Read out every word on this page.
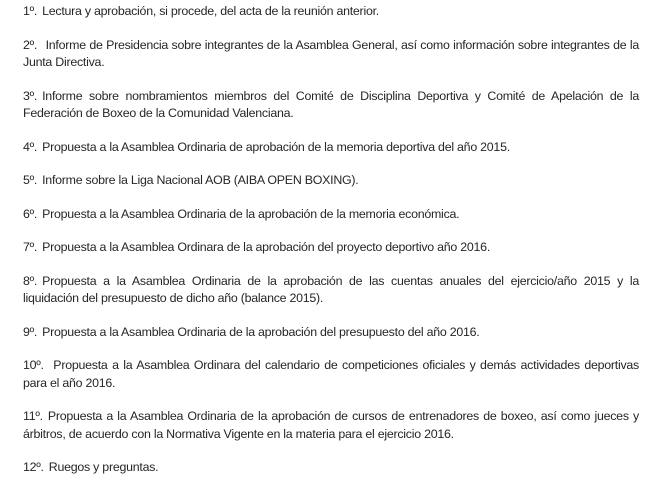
1º. Lectura y aprobación, si procede, del acta de la reunión anterior.

2º. Informe de Presidencia sobre integrantes de la Asamblea General, así como información sobre integrantes de la Junta Directiva.

3º. Informe sobre nombramientos miembros del Comité de Disciplina Deportiva y Comité de Apelación de la Federación de Boxeo de la Comunidad Valenciana.

4º. Propuesta a la Asamblea Ordinaria de aprobación de la memoria deportiva del año 2015.

5º. Informe sobre la Liga Nacional AOB (AIBA OPEN BOXING).

6º. Propuesta a la Asamblea Ordinaria de la aprobación de la memoria económica.

7º. Propuesta a la Asamblea Ordinara de la aprobación del proyecto deportivo año 2016.

8º. Propuesta a la Asamblea Ordinaria de la aprobación de las cuentas anuales del ejercicio/año 2015 y la liquidación del presupuesto de dicho año (balance 2015).

9º. Propuesta a la Asamblea Ordinaria de la aprobación del presupuesto del año 2016.

10º. Propuesta a la Asamblea Ordinara del calendario de competiciones oficiales y demás actividades deportivas para el año 2016.

11º. Propuesta a la Asamblea Ordinaria de la aprobación de cursos de entrenadores de boxeo, así como jueces y árbitros, de acuerdo con la Normativa Vigente en la materia para el ejercicio 2016.

12º. Ruegos y preguntas.
